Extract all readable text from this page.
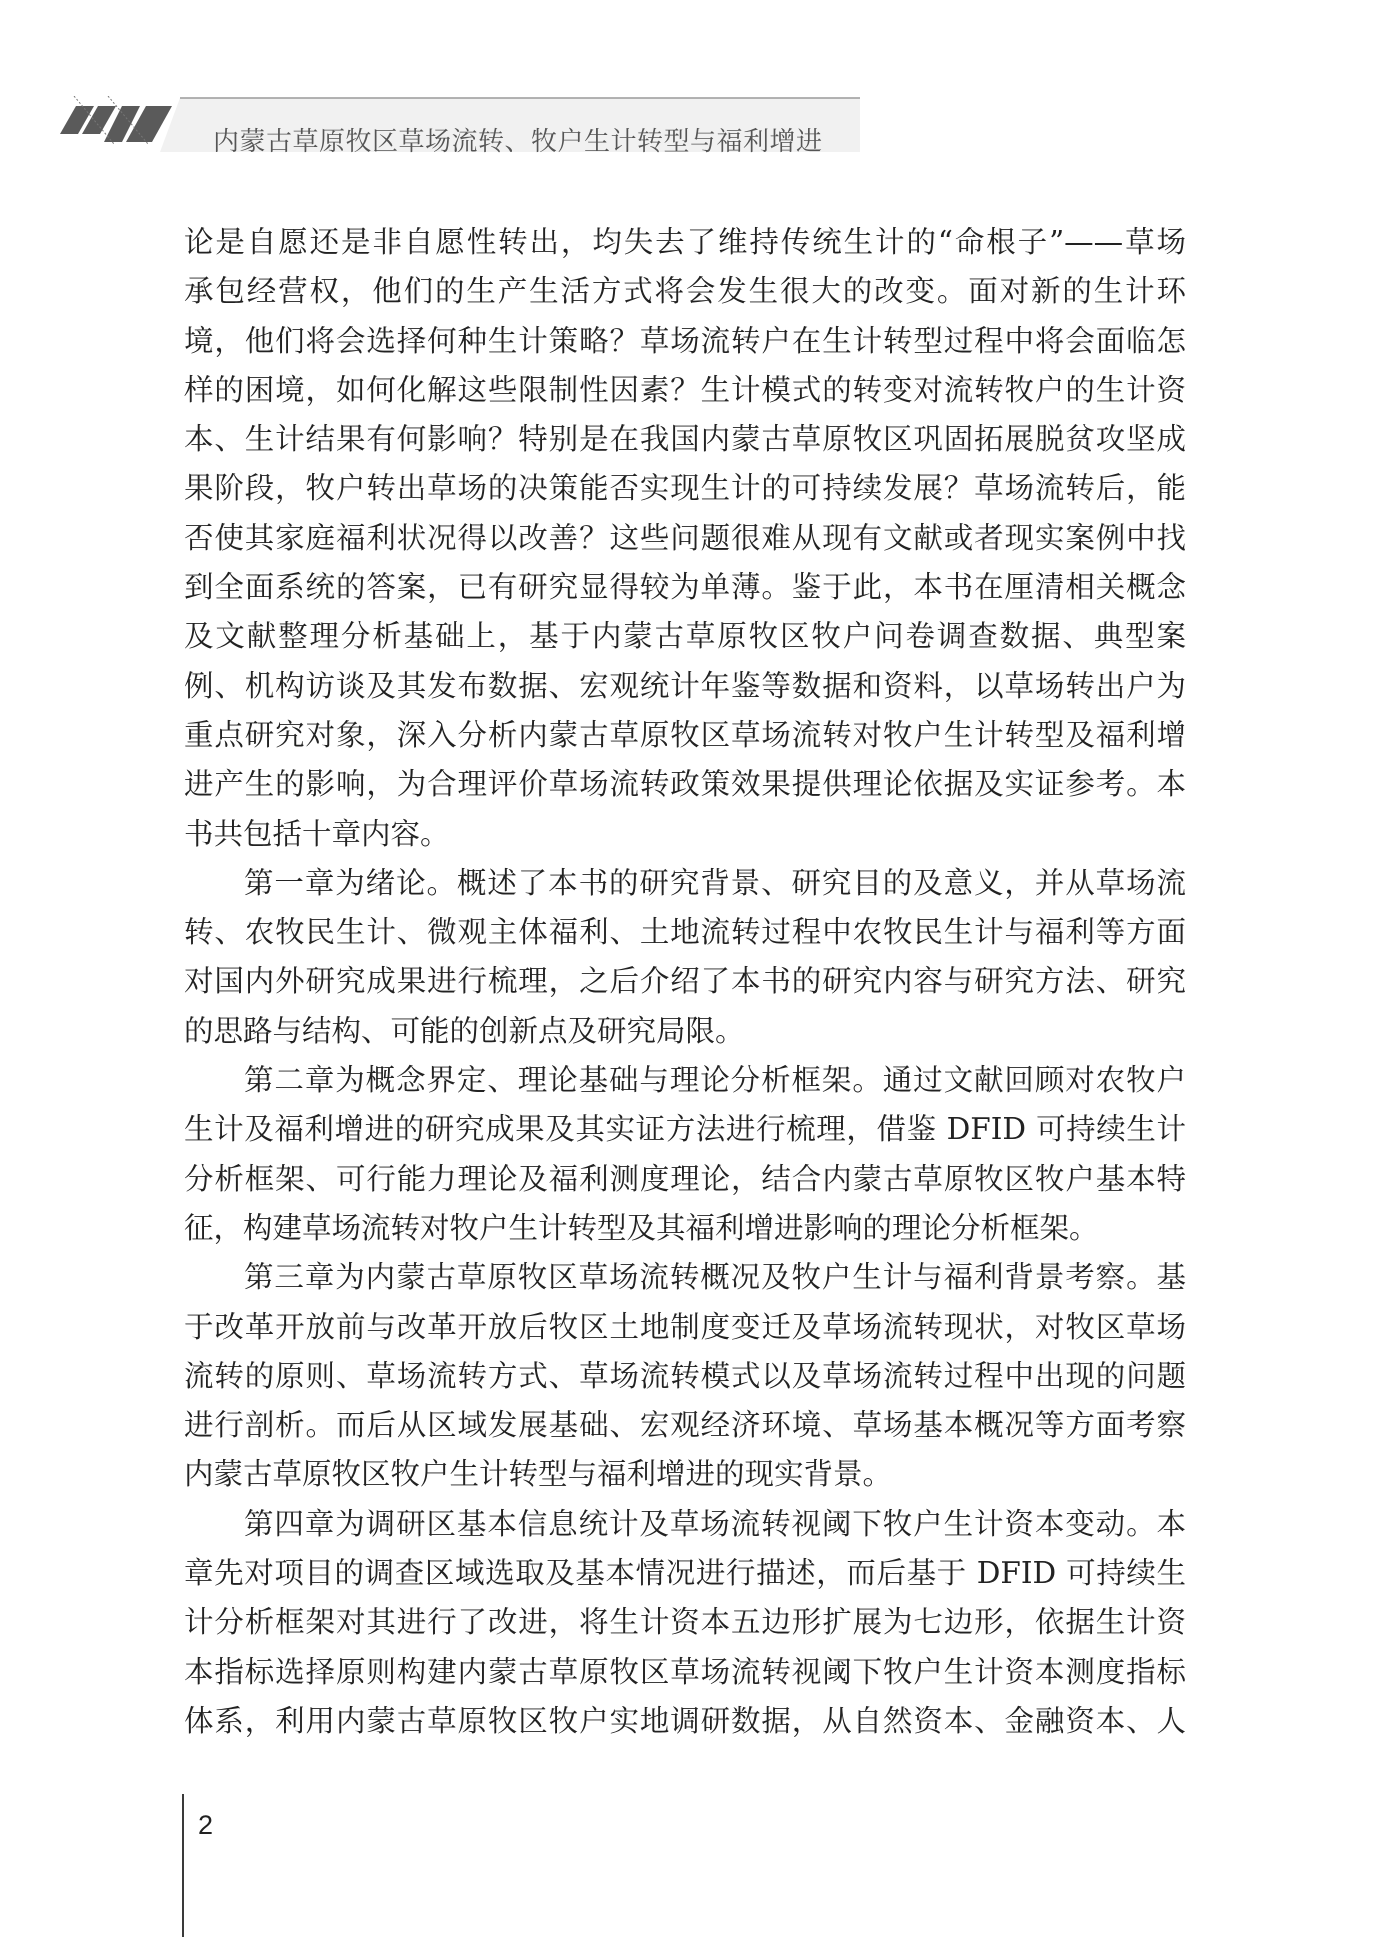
内蒙古草原牧区草场流转、牧户生计转型与福利增进
论是自愿还是非自愿性转出，均失去了维持传统生计的“命根子”——草场
承包经营权，他们的生产生活方式将会发生很大的改变。面对新的生计环
境，他们将会选择何种生计策略？草场流转户在生计转型过程中将会面临怎
样的困境，如何化解这些限制性因素？生计模式的转变对流转牧户的生计资
本、生计结果有何影响？特别是在我国内蒙古草原牧区巩固拓展脱贫攻坚成
果阶段，牧户转出草场的决策能否实现生计的可持续发展？草场流转后，能
否使其家庭福利状况得以改善？这些问题很难从现有文献或者现实案例中找
到全面系统的答案，已有研究显得较为单薄。鉴于此，本书在厘清相关概念
及文献整理分析基础上，基于内蒙古草原牧区牧户问卷调查数据、典型案
例、机构访谈及其发布数据、宏观统计年鉴等数据和资料，以草场转出户为
重点研究对象，深入分析内蒙古草原牧区草场流转对牧户生计转型及福利增
进产生的影响，为合理评价草场流转政策效果提供理论依据及实证参考。本
书共包括十章内容。
第一章为绪论。概述了本书的研究背景、研究目的及意义，并从草场流
转、农牧民生计、微观主体福利、土地流转过程中农牧民生计与福利等方面
对国内外研究成果进行梳理，之后介绍了本书的研究内容与研究方法、研究
的思路与结构、可能的创新点及研究局限。
第二章为概念界定、理论基础与理论分析框架。通过文献回顾对农牧户
生计及福利增进的研究成果及其实证方法进行梳理，借鉴 DFID 可持续生计
分析框架、可行能力理论及福利测度理论，结合内蒙古草原牧区牧户基本特
征，构建草场流转对牧户生计转型及其福利增进影响的理论分析框架。
第三章为内蒙古草原牧区草场流转概况及牧户生计与福利背景考察。基
于改革开放前与改革开放后牧区土地制度变迁及草场流转现状，对牧区草场
流转的原则、草场流转方式、草场流转模式以及草场流转过程中出现的问题
进行剖析。而后从区域发展基础、宏观经济环境、草场基本概况等方面考察
内蒙古草原牧区牧户生计转型与福利增进的现实背景。
第四章为调研区基本信息统计及草场流转视阈下牧户生计资本变动。本
章先对项目的调查区域选取及基本情况进行描述，而后基于 DFID 可持续生
计分析框架对其进行了改进，将生计资本五边形扩展为七边形，依据生计资
本指标选择原则构建内蒙古草原牧区草场流转视阈下牧户生计资本测度指标
体系，利用内蒙古草原牧区牧户实地调研数据，从自然资本、金融资本、人
2
